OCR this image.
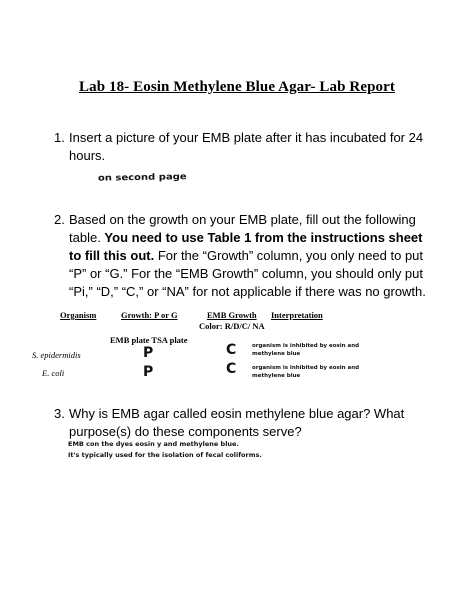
Lab 18- Eosin Methylene Blue Agar- Lab Report
1. Insert a picture of your EMB plate after it has incubated for 24 hours.
on second page
2. Based on the growth on your EMB plate, fill out the following table. You need to use Table 1 from the instructions sheet to fill this out. For the “Growth” column, you only need to put “P” or “G.” For the “EMB Growth” column, you should only put “Pi,” “D,” “C,” or “NA” for not applicable if there was no growth.
Organism	Growth: P or G	EMB Growth Interpretation
Color: R/D/C/ NA
EMB plate TSA plate
S. epidermidis	P	C	organism is inhibited by eosin and methylene blue
E. coli	P	C	organism is inhibited by eosin and methylene blue
3. Why is EMB agar called eosin methylene blue agar? What purpose(s) do these components serve?
EMB con the dyes eosin y and methylene blue.
It's typically used for the isolation of fecal coliforms.
